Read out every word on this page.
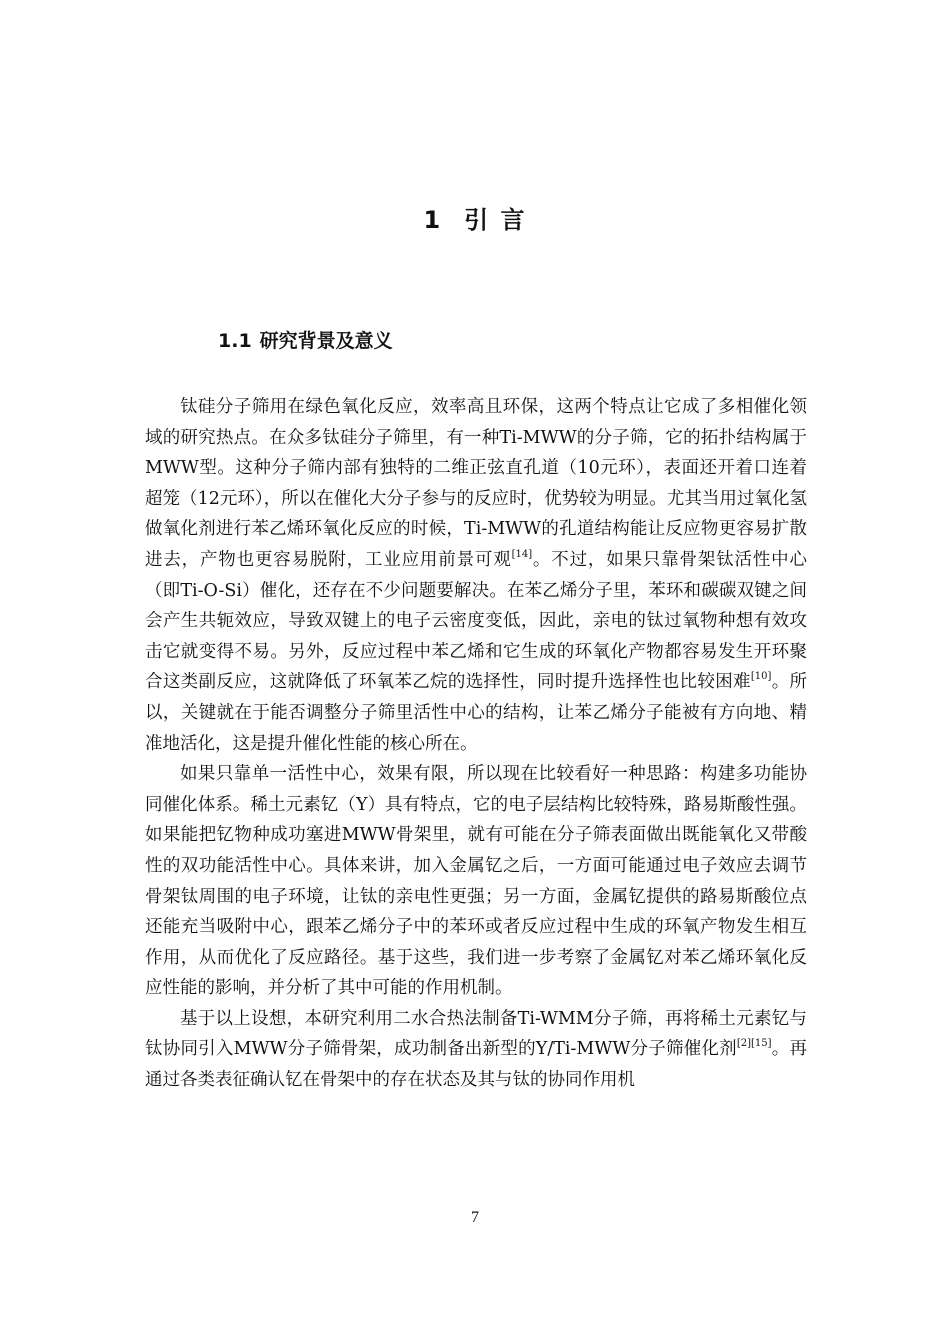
1 引 言
1.1 研究背景及意义

钛硅分子筛用在绿色氧化反应，效率高且环保，这两个特点让它成了多相催化领域的研究热点。在众多钛硅分子筛里，有一种Ti-MWW的分子筛，它的拓扑结构属于MWW型。这种分子筛内部有独特的二维正弦直孔道（10元环），表面还开着口连着超笼（12元环），所以在催化大分子参与的反应时，优势较为明显。尤其当用过氧化氢做氧化剂进行苯乙烯环氧化反应的时候，Ti-MWW的孔道结构能让反应物更容易扩散进去，产物也更容易脱附，工业应用前景可观[14]。不过，如果只靠骨架钛活性中心（即Ti-O-Si）催化，还存在不少问题要解决。在苯乙烯分子里，苯环和碳碳双键之间会产生共轭效应，导致双键上的电子云密度变低，因此，亲电的钛过氧物种想有效攻击它就变得不易。另外，反应过程中苯乙烯和它生成的环氧化产物都容易发生开环聚合这类副反应，这就降低了环氧苯乙烷的选择性，同时提升选择性也比较困难[10]。所以，关键就在于能否调整分子筛里活性中心的结构，让苯乙烯分子能被有方向地、精准地活化，这是提升催化性能的核心所在。

如果只靠单一活性中心，效果有限，所以现在比较看好一种思路：构建多功能协同催化体系。稀土元素钇（Y）具有特点，它的电子层结构比较特殊，路易斯酸性强。如果能把钇物种成功塞进MWW骨架里，就有可能在分子筛表面做出既能氧化又带酸性的双功能活性中心。具体来讲，加入金属钇之后，一方面可能通过电子效应去调节骨架钛周围的电子环境，让钛的亲电性更强；另一方面，金属钇提供的路易斯酸位点还能充当吸附中心，跟苯乙烯分子中的苯环或者反应过程中生成的环氧产物发生相互作用，从而优化了反应路径。基于这些，我们进一步考察了金属钇对苯乙烯环氧化反应性能的影响，并分析了其中可能的作用机制。

基于以上设想，本研究利用二水合热法制备Ti-WMM分子筛，再将稀土元素钇与钛协同引入MWW分子筛骨架，成功制备出新型的Y/Ti-MWW分子筛催化剂[2][15]。再通过各类表征确认钇在骨架中的存在状态及其与钛的协同作用机

7
